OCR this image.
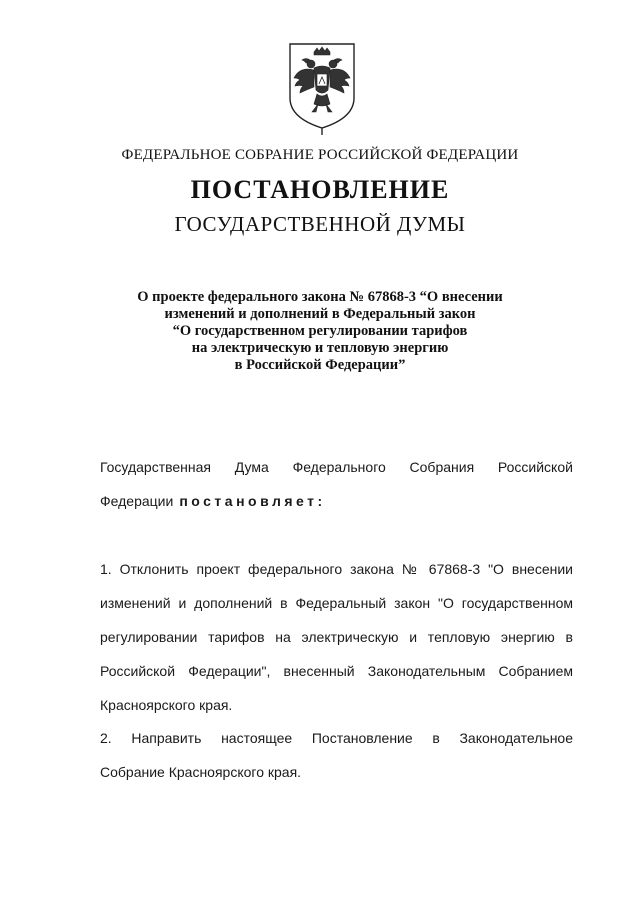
ФЕДЕРАЛЬНОЕ СОБРАНИЕ РОССИЙСКОЙ ФЕДЕРАЦИИ
ПОСТАНОВЛЕНИЕ
ГОСУДАРСТВЕННОЙ ДУМЫ
О проекте федерального закона № 67868-3 “О внесении
изменений и дополнений в Федеральный закон
“О государственном регулировании тарифов
на электрическую и тепловую энергию
в Российской Федерации”
Государственная Дума Федерального Собрания Российской
Федерации постановляет:
1. Отклонить проект федерального закона № 67868-3 "О внесении
изменений и дополнений в Федеральный закон "О государственном
регулировании тарифов на электрическую и тепловую энергию в
Российской Федерации", внесенный Законодательным Собранием
Красноярского края.
2. Направить настоящее Постановление в Законодательное
Собрание Красноярского края.
